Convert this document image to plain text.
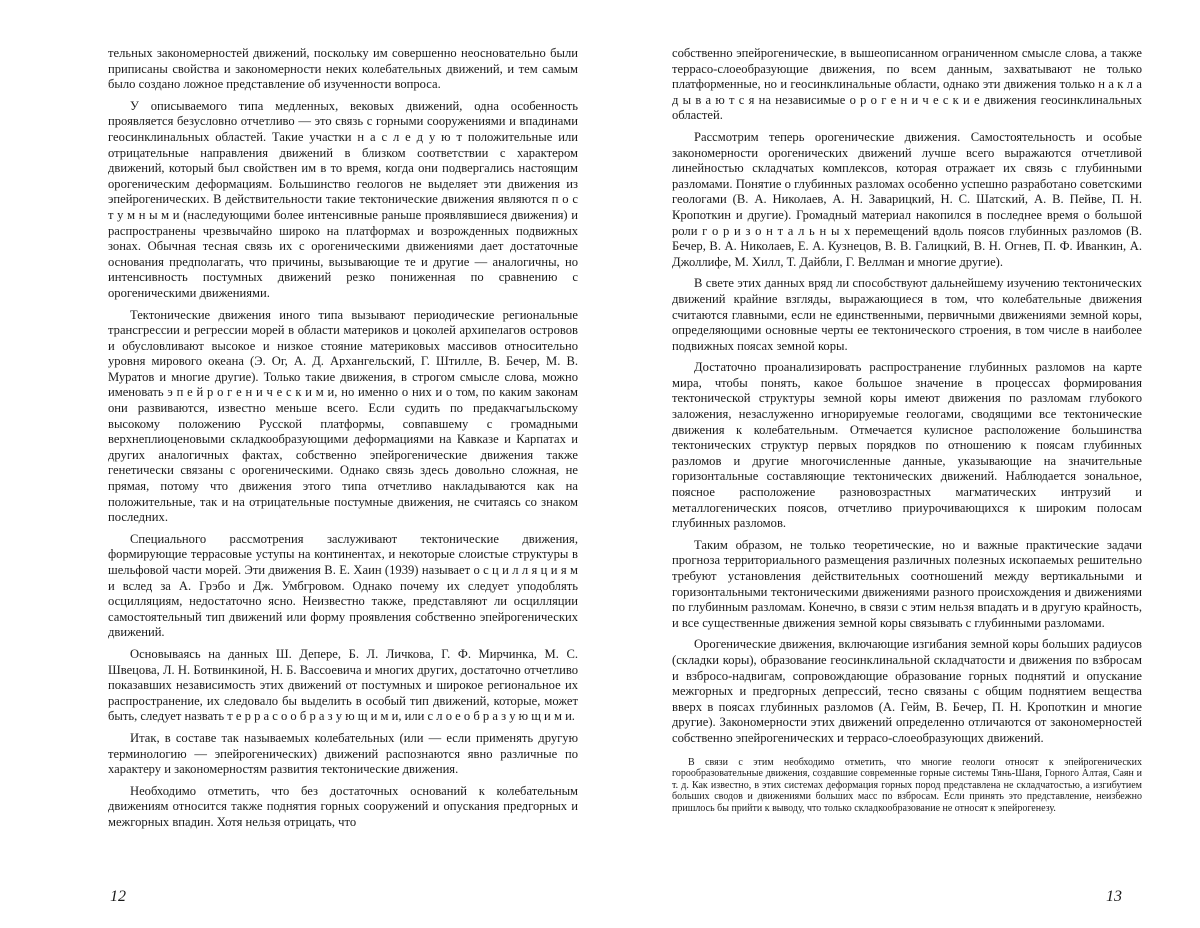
тельных закономерностей движений, поскольку им совершенно неосновательно были приписаны свойства и закономерности неких колебательных движений, и тем самым было создано ложное представление об изученности вопроса.

У описываемого типа медленных, вековых движений, одна особенность проявляется безусловно отчетливо — это связь с горными сооружениями и впадинами геосинклинальных областей. Такие участки н а с л е д у ю т положительные или отрицательные направления движений в близком соответствии с характером движений, который был свойствен им в то время, когда они подвергались настоящим орогеническим деформациям. Большинство геологов не выделяет эти движения из эпейрогенических. В действительности такие тектонические движения являются п о с т у м н ы м и (наследующими более интенсивные раньше проявлявшиеся движения) и распространены чрезвычайно широко на платформах и возрожденных подвижных зонах. Обычная тесная связь их с орогеническими движениями дает достаточные основания предполагать, что причины, вызывающие те и другие — аналогичны, но интенсивность постумных движений резко пониженная по сравнению с орогеническими движениями.

Тектонические движения иного типа вызывают периодические региональные трансгрессии и регрессии морей в области материков и цоколей архипелагов островов и обусловливают высокое и низкое стояние материковых массивов относительно уровня мирового океана (Э. Ог, А. Д. Архангельский, Г. Штилле, В. Бечер, М. В. Муратов и многие другие). Только такие движения, в строгом смысле слова, можно именовать э п е й р о г е н и ч е с к и м и, но именно о них и о том, по каким законам они развиваются, известно меньше всего. Если судить по предакчагыльскому высокому положению Русской платформы, совпавшему с громадными верхнеплиоценовыми складкообразующими деформациями на Кавказе и Карпатах и других аналогичных фактах, собственно эпейрогенические движения также генетически связаны с орогеническими. Однако связь здесь довольно сложная, не прямая, потому что движения этого типа отчетливо накладываются как на положительные, так и на отрицательные постумные движения, не считаясь со знаком последних.

Специального рассмотрения заслуживают тектонические движения, формирующие террасовые уступы на континентах, и некоторые слоистые структуры в шельфовой части морей. Эти движения В. Е. Хаин (1939) называет о с ц и л л я ц и я м и вслед за А. Грэбо и Дж. Умбгровом. Однако почему их следует уподоблять осцилляциям, недостаточно ясно. Неизвестно также, представляют ли осцилляции самостоятельный тип движений или форму проявления собственно эпейрогенических движений.

Основываясь на данных Ш. Депере, Б. Л. Личкова, Г. Ф. Мирчинка, М. С. Швецова, Л. Н. Ботвинкиной, Н. Б. Вассоевича и многих других, достаточно отчетливо показавших независимость этих движений от постумных и широкое региональное их распространение, их следовало бы выделить в особый тип движений, которые, может быть, следует назвать т е р р а с о о б р а з у ю щ и м и, или с л о е о б р а з у ю щ и м и.

Итак, в составе так называемых колебательных (или — если применять другую терминологию — эпейрогенических) движений распознаются явно различные по характеру и закономерностям развития тектонические движения.

Необходимо отметить, что без достаточных оснований к колебательным движениям относится также поднятия горных сооружений и опускания предгорных и межгорных впадин. Хотя нельзя отрицать, что

12

собственно эпейрогенические, в вышеописанном ограниченном смысле слова, а также террасо-слоеобразующие движения, по всем данным, захватывают не только платформенные, но и геосинклинальные области, однако эти движения только н а к л а д ы в а ю т с я на независимые о р о г е н и ч е с к и е движения геосинклинальных областей.

Рассмотрим теперь орогенические движения. Самостоятельность и особые закономерности орогенических движений лучше всего выражаются отчетливой линейностью складчатых комплексов, которая отражает их связь с глубинными разломами. Понятие о глубинных разломах особенно успешно разработано советскими геологами (В. А. Николаев, А. Н. Заварицкий, Н. С. Шатский, А. В. Пейве, П. Н. Кропоткин и другие). Громадный материал накопился в последнее время о большой роли г о р и з о н т а л ь н ы х перемещений вдоль поясов глубинных разломов (В. Бечер, В. А. Николаев, Е. А. Кузнецов, В. В. Галицкий, В. Н. Огнев, П. Ф. Иванкин, А. Джоллифе, М. Хилл, Т. Дайбли, Г. Веллман и многие другие).

В свете этих данных вряд ли способствуют дальнейшему изучению тектонических движений крайние взгляды, выражающиеся в том, что колебательные движения считаются главными, если не единственными, первичными движениями земной коры, определяющими основные черты ее тектонического строения, в том числе в наиболее подвижных поясах земной коры.

Достаточно проанализировать распространение глубинных разломов на карте мира, чтобы понять, какое большое значение в процессах формирования тектонической структуры земной коры имеют движения по разломам глубокого заложения, незаслуженно игнорируемые геологами, сводящими все тектонические движения к колебательным. Отмечается кулисное расположение большинства тектонических структур первых порядков по отношению к поясам глубинных разломов и другие многочисленные данные, указывающие на значительные горизонтальные составляющие тектонических движений. Наблюдается зональное, поясное расположение разновозрастных магматических интрузий и металлогенических поясов, отчетливо приурочивающихся к широким полосам глубинных разломов.

Таким образом, не только теоретические, но и важные практические задачи прогноза территориального размещения различных полезных ископаемых решительно требуют установления действительных соотношений между вертикальными и горизонтальными тектоническими движениями разного происхождения и движениями по глубинным разломам. Конечно, в связи с этим нельзя впадать и в другую крайность, и все существенные движения земной коры связывать с глубинными разломами.

Орогенические движения, включающие изгибания земной коры больших радиусов (складки коры), образование геосинклинальной складчатости и движения по взбросам и взбросо-надвигам, сопровождающие образование горных поднятий и опускание межгорных и предгорных депрессий, тесно связаны с общим поднятием вещества вверх в поясах глубинных разломов (А. Гейм, В. Бечер, П. Н. Кропоткин и многие другие). Закономерности этих движений определенно отличаются от закономерностей собственно эпейрогенических и террасо-слоеобразующих движений.

В связи с этим необходимо отметить, что многие геологи относят к эпейрогенических горообразовательные движения, создавшие современные горные системы Тянь-Шаня, Горного Алтая, Саян и т. д. Как известно, в этих системах деформация горных пород представлена не складчатостью, а изгибутием больших сводов и движениями больших масс по взбросам. Если принять это представление, неизбежно пришлось бы прийти к выводу, что только складкообразование не относят к эпейрогенезу.

13
